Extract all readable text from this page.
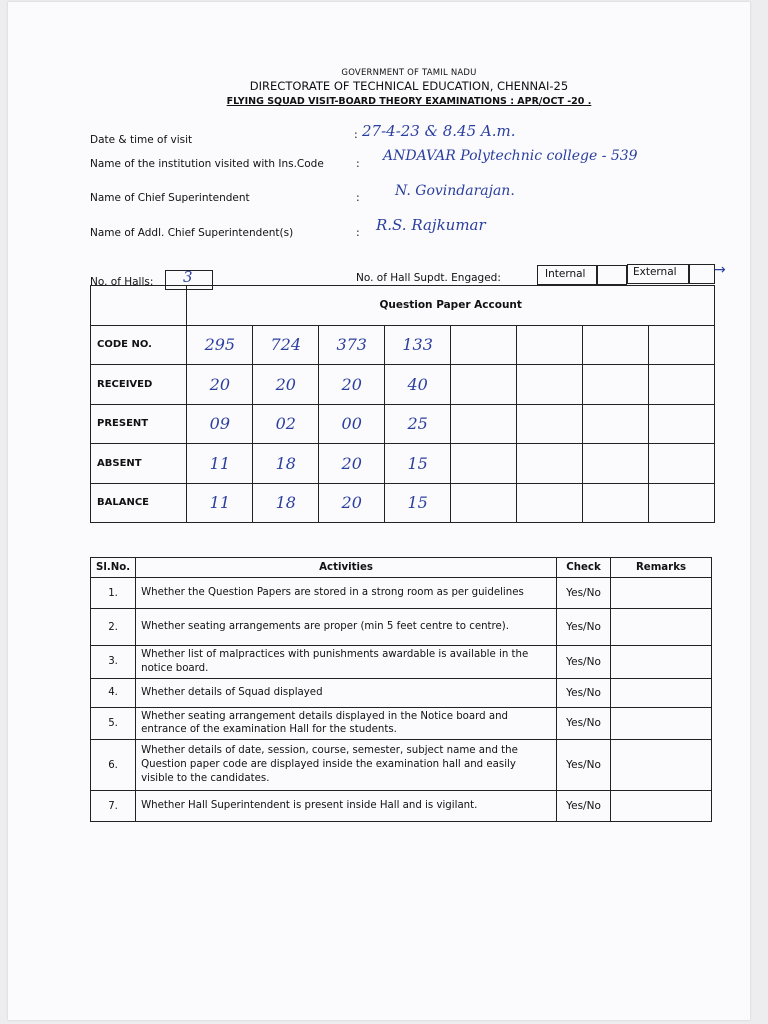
GOVERNMENT OF TAMIL NADU
DIRECTORATE OF TECHNICAL EDUCATION, CHENNAI-25
FLYING SQUAD VISIT-BOARD THEORY EXAMINATIONS : APR/OCT -20 .
Date & time of visit	: 27-4-23 & 8.45 A.m.
Name of the institution visited with Ins.Code	: ANDAVAR Polytechnic college - 539
Name of Chief Superintendent	:	N. Govindarajan.
Name of Addl. Chief Superintendent(s)	: R.S. Rajkumar
No. of Halls: 3	No. of Hall Supdt. Engaged:	Internal	External	→
	Question Paper Account							
CODE NO.	295	724	373	133				

RECEIVED	20	20	20	40				

PRESENT	09	02	00	25				

ABSENT	11	18	20	15				

BALANCE	11	18	20	15				

Sl.No.	Activities	Check	Remarks
1.	Whether the Question Papers are stored in a strong room as per guidelines	Yes/No	
2.	Whether seating arrangements are proper (min 5 feet centre to centre).	Yes/No	
3.	Whether list of malpractices with punishments awardable is available in the notice board.	Yes/No	
4.	Whether details of Squad displayed	Yes/No	
5.	Whether seating arrangement details displayed in the Notice board and entrance of the examination Hall for the students.	Yes/No	
6.	Whether details of date, session, course, semester, subject name and the Question paper code are displayed inside the examination hall and easily visible to the candidates.	Yes/No	
7.	Whether Hall Superintendent is present inside Hall and is vigilant.	Yes/No	
